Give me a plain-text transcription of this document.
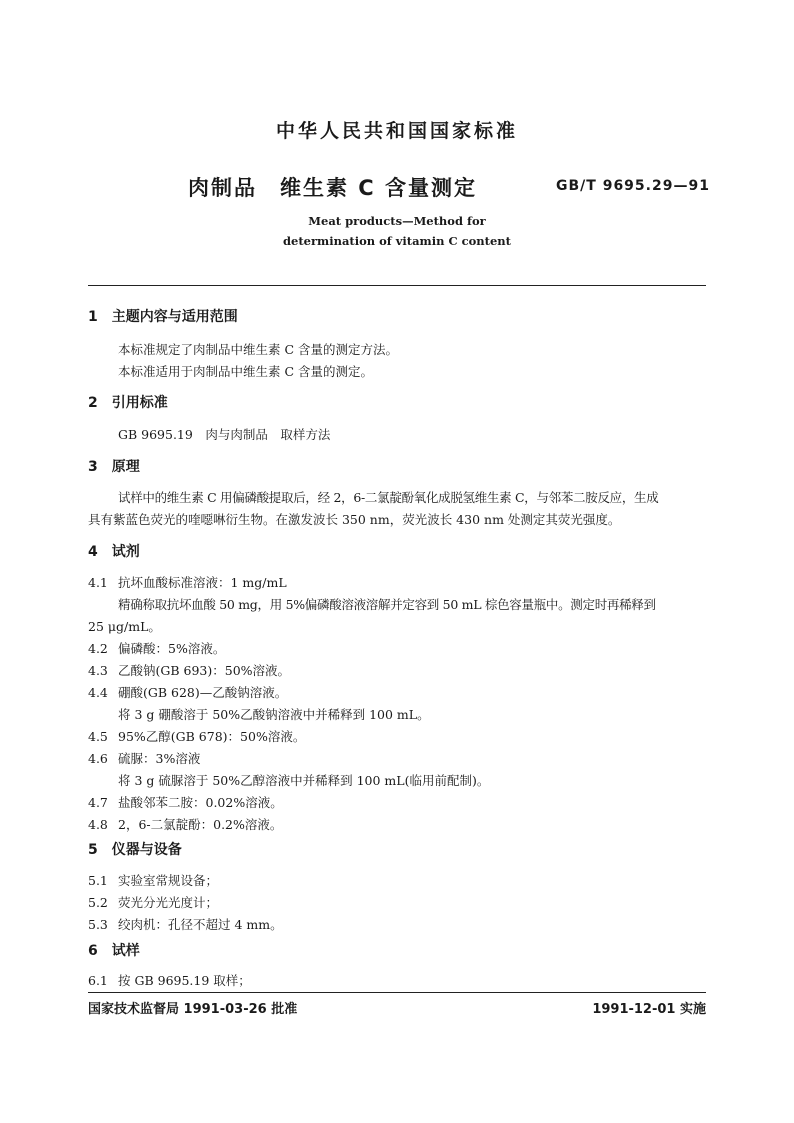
中华人民共和国国家标准
肉制品　维生素 C 含量测定	GB/T 9695.29—91
Meat products—Method for
determination of vitamin C content
1　主题内容与适用范围
本标准规定了肉制品中维生素 C 含量的测定方法。
本标准适用于肉制品中维生素 C 含量的测定。
2　引用标准
GB 9695.19　肉与肉制品　取样方法
3　原理
试样中的维生素 C 用偏磷酸提取后，经 2，6-二氯靛酚氧化成脱氢维生素 C，与邻苯二胺反应，生成
具有紫蓝色荧光的喹噁啉衍生物。在激发波长 350 nm，荧光波长 430 nm 处测定其荧光强度。
4　试剂
4.1 抗坏血酸标准溶液：1 mg/mL
精确称取抗坏血酸 50 mg，用 5%偏磷酸溶液溶解并定容到 50 mL 棕色容量瓶中。测定时再稀释到
25 μg/mL。
4.2 偏磷酸：5%溶液。
4.3 乙酸钠(GB 693)：50%溶液。
4.4 硼酸(GB 628)—乙酸钠溶液。
将 3 g 硼酸溶于 50%乙酸钠溶液中并稀释到 100 mL。
4.5 95%乙醇(GB 678)：50%溶液。
4.6 硫脲：3%溶液
将 3 g 硫脲溶于 50%乙醇溶液中并稀释到 100 mL(临用前配制)。
4.7 盐酸邻苯二胺：0.02%溶液。
4.8 2，6-二氯靛酚：0.2%溶液。
5　仪器与设备
5.1 实验室常规设备；
5.2 荧光分光光度计；
5.3 绞肉机：孔径不超过 4 mm。
6　试样
6.1 按 GB 9695.19 取样；
国家技术监督局 1991-03-26 批准	1991-12-01 实施
